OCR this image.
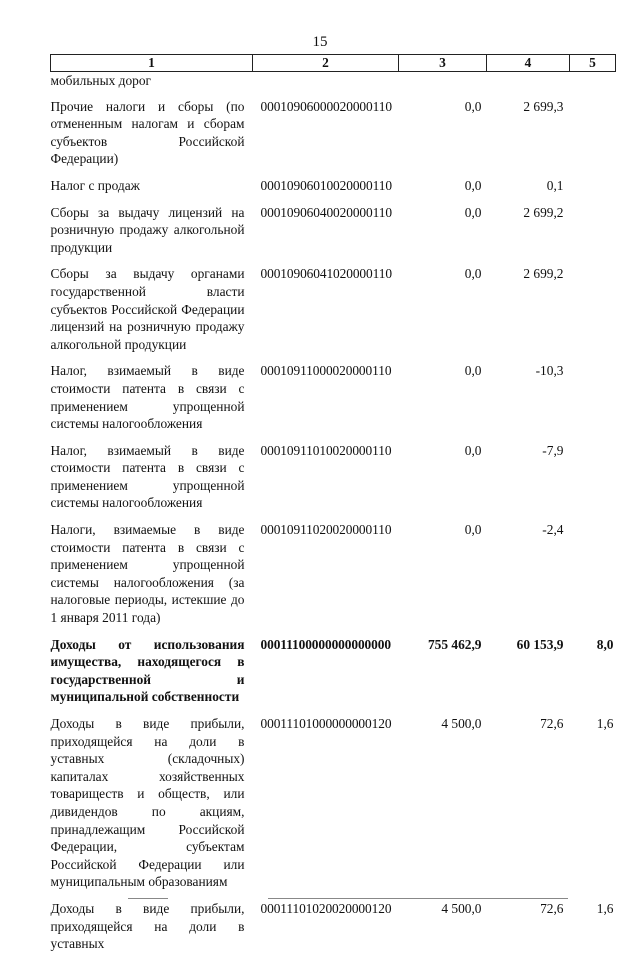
15
1	2	3	4	5
мобильных дорог				
Прочие налоги и сборы (по отмененным налогам и сборам субъектов Российской Федерации)	00010906000020000110	0,0	2 699,3	
Налог с продаж	00010906010020000110	0,0	0,1	
Сборы за выдачу лицензий на розничную продажу алкогольной продукции	00010906040020000110	0,0	2 699,2	
Сборы за выдачу органами государственной власти субъектов Российской Федерации лицензий на розничную продажу алкогольной продукции	00010906041020000110	0,0	2 699,2	
Налог, взимаемый в виде стоимости патента в связи с применением упрощенной системы налогообложения	00010911000020000110	0,0	-10,3	
Налог, взимаемый в виде стоимости патента в связи с применением упрощенной системы налогообложения	00010911010020000110	0,0	-7,9	
Налоги, взимаемые в виде стоимости патента в связи с применением упрощенной системы налогообложения (за налоговые периоды, истекшие до 1 января 2011 года)	00010911020020000110	0,0	-2,4	
Доходы от использования имущества, находящегося в государственной и муниципальной собственности	00011100000000000000	755 462,9	60 153,9	8,0
Доходы в виде прибыли, приходящейся на доли в уставных (складочных) капиталах хозяйственных товариществ и обществ, или дивидендов по акциям, принадлежащим Российской Федерации, субъектам Российской Федерации или муниципальным образованиям	00011101000000000120	4 500,0	72,6	1,6
Доходы в виде прибыли, приходящейся на доли в уставных	00011101020020000120	4 500,0	72,6	1,6
